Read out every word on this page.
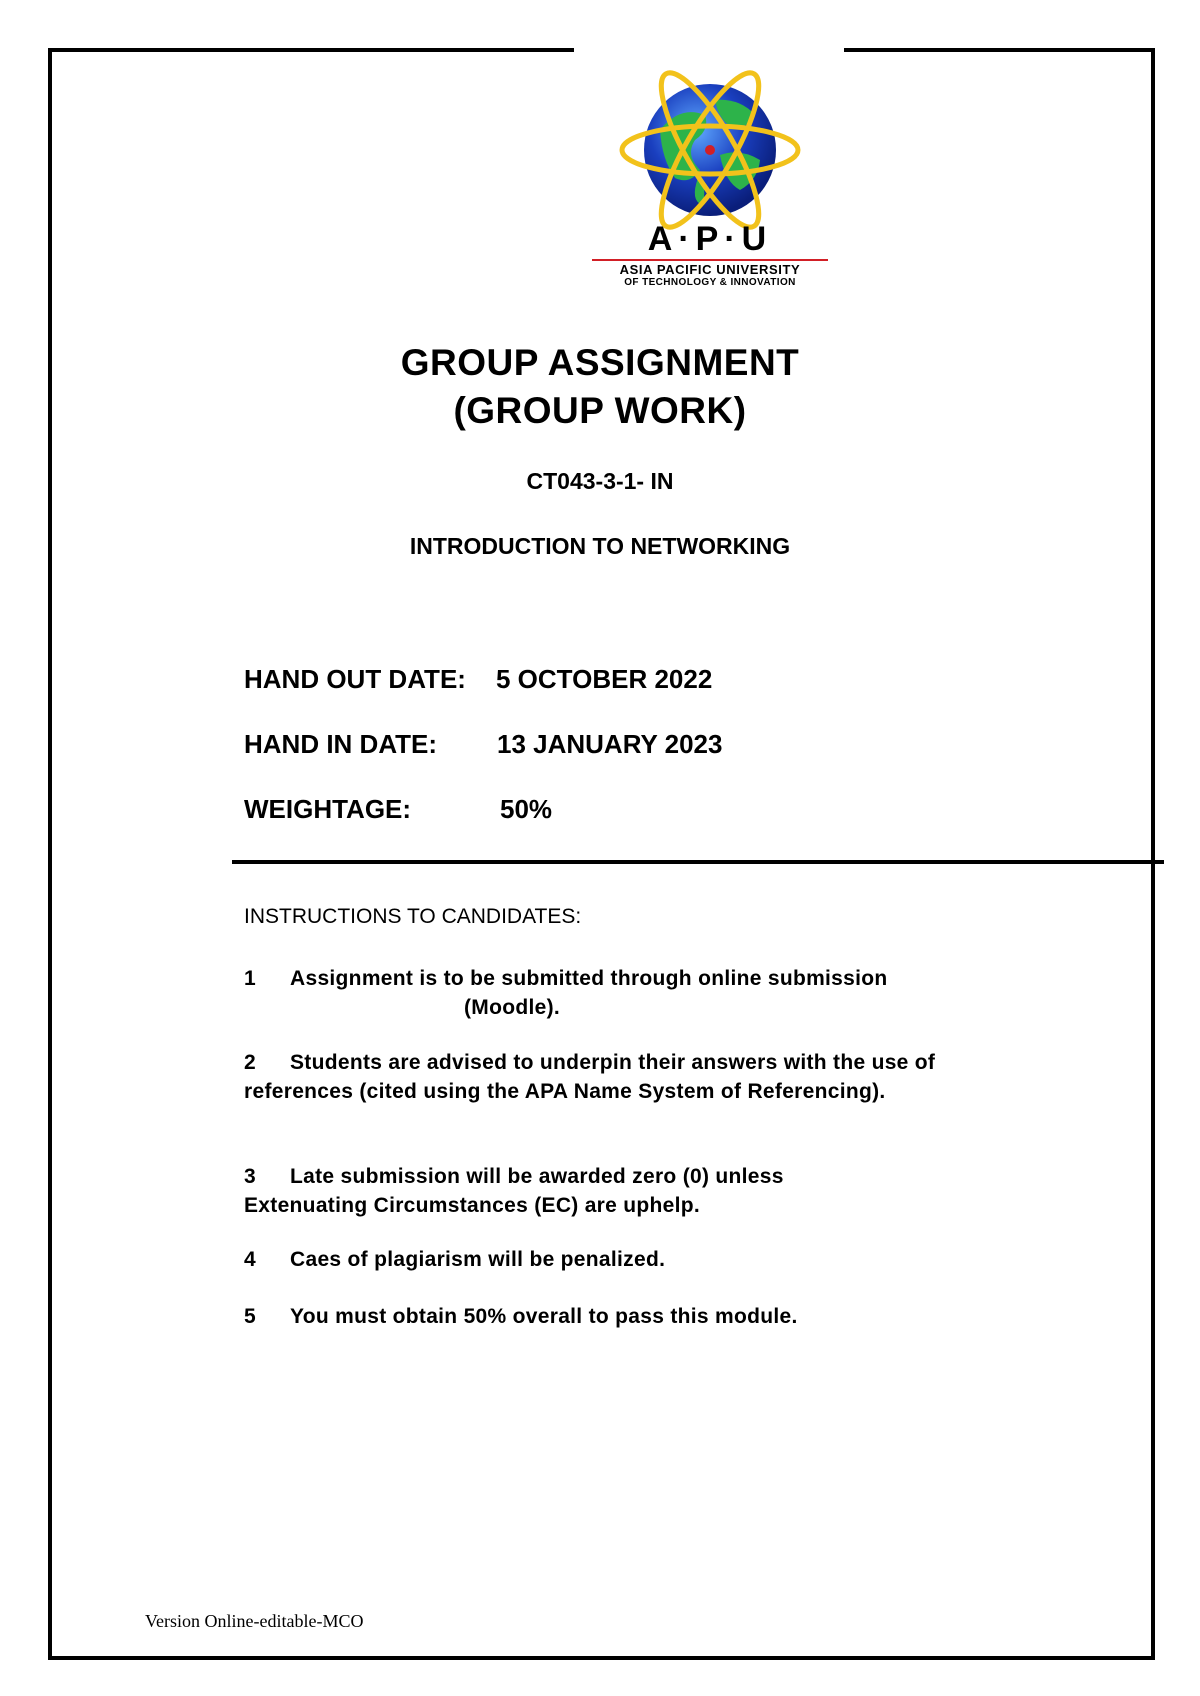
A·P·U
ASIA PACIFIC UNIVERSITY
OF TECHNOLOGY & INNOVATION
GROUP ASSIGNMENT
(GROUP WORK)
CT043-3-1- IN
INTRODUCTION TO NETWORKING
HAND OUT DATE: 5 OCTOBER 2022
HAND IN DATE: 13 JANUARY 2023
WEIGHTAGE:	50%
INSTRUCTIONS TO CANDIDATES:
1 Assignment is to be submitted through online submission
(Moodle).
2 Students are advised to underpin their answers with the use of references (cited using the APA Name System of Referencing).
3 Late submission will be awarded zero (0) unless Extenuating Circumstances (EC) are uphelp.
4 Caes of plagiarism will be penalized.
5 You must obtain 50% overall to pass this module.
Version Online-editable-MCO
